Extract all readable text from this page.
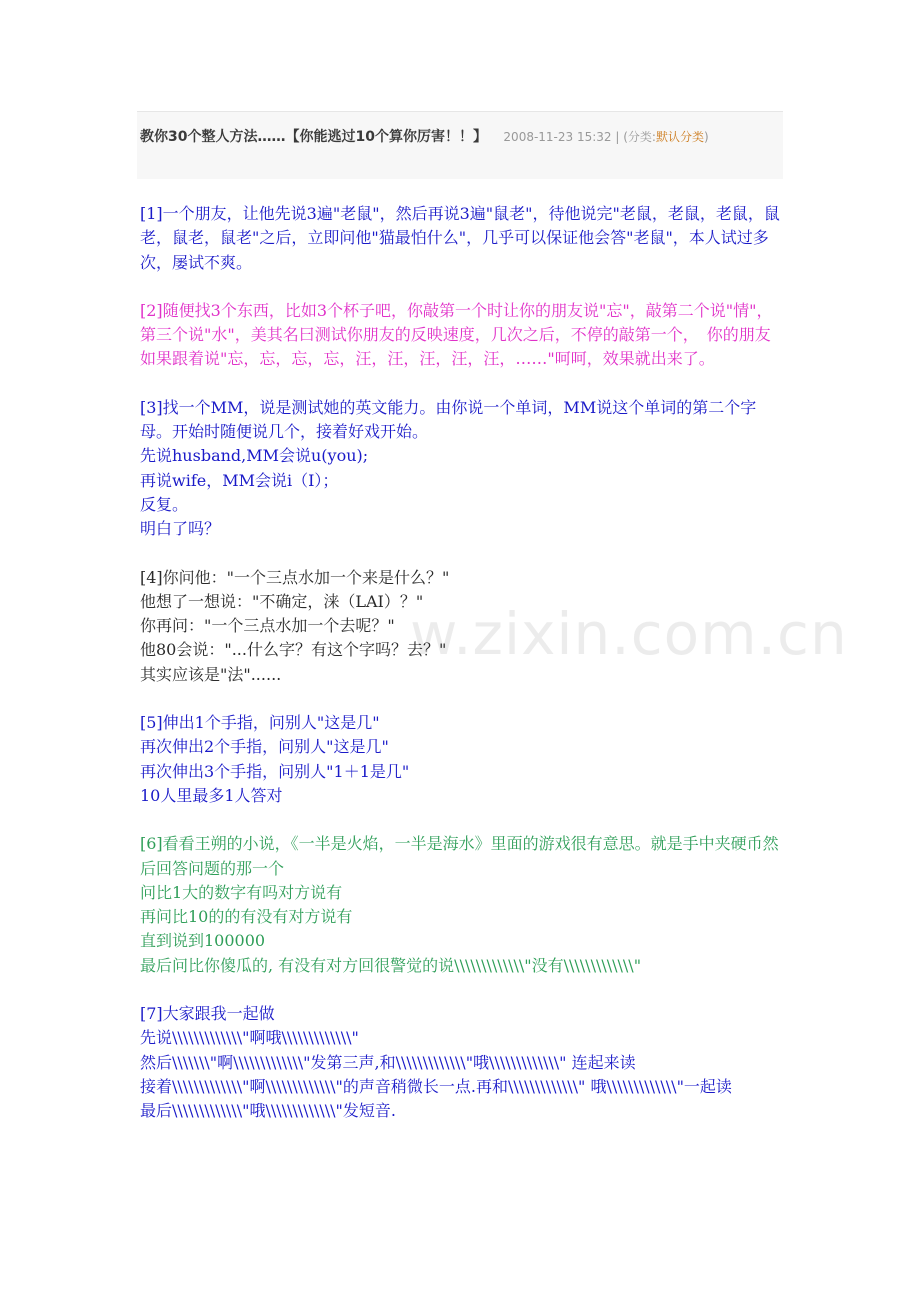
教你30个整人方法……【你能逃过10个算你厉害！！】 2008-11-23 15:32 | (分类:默认分类)
w.zixin.com.cn
[1]一个朋友，让他先说3遍"老鼠"，然后再说3遍"鼠老"，待他说完"老鼠，老鼠，老鼠，鼠老，鼠老，鼠老"之后，立即问他"猫最怕什么"，几乎可以保证他会答"老鼠"，本人试过多次，屡试不爽。
[2]随便找3个东西，比如3个杯子吧，你敲第一个时让你的朋友说"忘"，敲第二个说"情"，第三个说"水"，美其名曰测试你朋友的反映速度，几次之后，不停的敲第一个，　你的朋友如果跟着说"忘，忘，忘，忘，汪，汪，汪，汪，汪，……"呵呵，效果就出来了。
[3]找一个MM，说是测试她的英文能力。由你说一个单词，MM说这个单词的第二个字母。开始时随便说几个，接着好戏开始。
先说husband,MM会说u(you);
再说wife，MM会说i（I）；
反复。
明白了吗？
[4]你问他："一个三点水加一个来是什么？"
他想了一想说："不确定，涞（LAI）？"
你再问："一个三点水加一个去呢？"
他80会说："...什么字？有这个字吗？去？"
其实应该是"法"......
[5]伸出1个手指，问别人"这是几"
再次伸出2个手指，问别人"这是几"
再次伸出3个手指，问别人"1＋1是几"
10人里最多1人答对
[6]看看王朔的小说，《一半是火焰，一半是海水》里面的游戏很有意思。就是手中夹硬币然后回答问题的那一个
问比1大的数字有吗对方说有
再问比10的的有没有对方说有
直到说到100000
最后问比你傻瓜的, 有没有对方回很警觉的说\\\\\\\\\\\\\"没有\\\\\\\\\\\\\"
[7]大家跟我一起做
先说\\\\\\\\\\\\\"啊哦\\\\\\\\\\\\\"
然后\\\\\\\"啊\\\\\\\\\\\\\"发第三声,和\\\\\\\\\\\\\"哦\\\\\\\\\\\\\" 连起来读
接着\\\\\\\\\\\\\"啊\\\\\\\\\\\\\"的声音稍微长一点.再和\\\\\\\\\\\\\" 哦\\\\\\\\\\\\\"一起读
最后\\\\\\\\\\\\\"哦\\\\\\\\\\\\\"发短音.
